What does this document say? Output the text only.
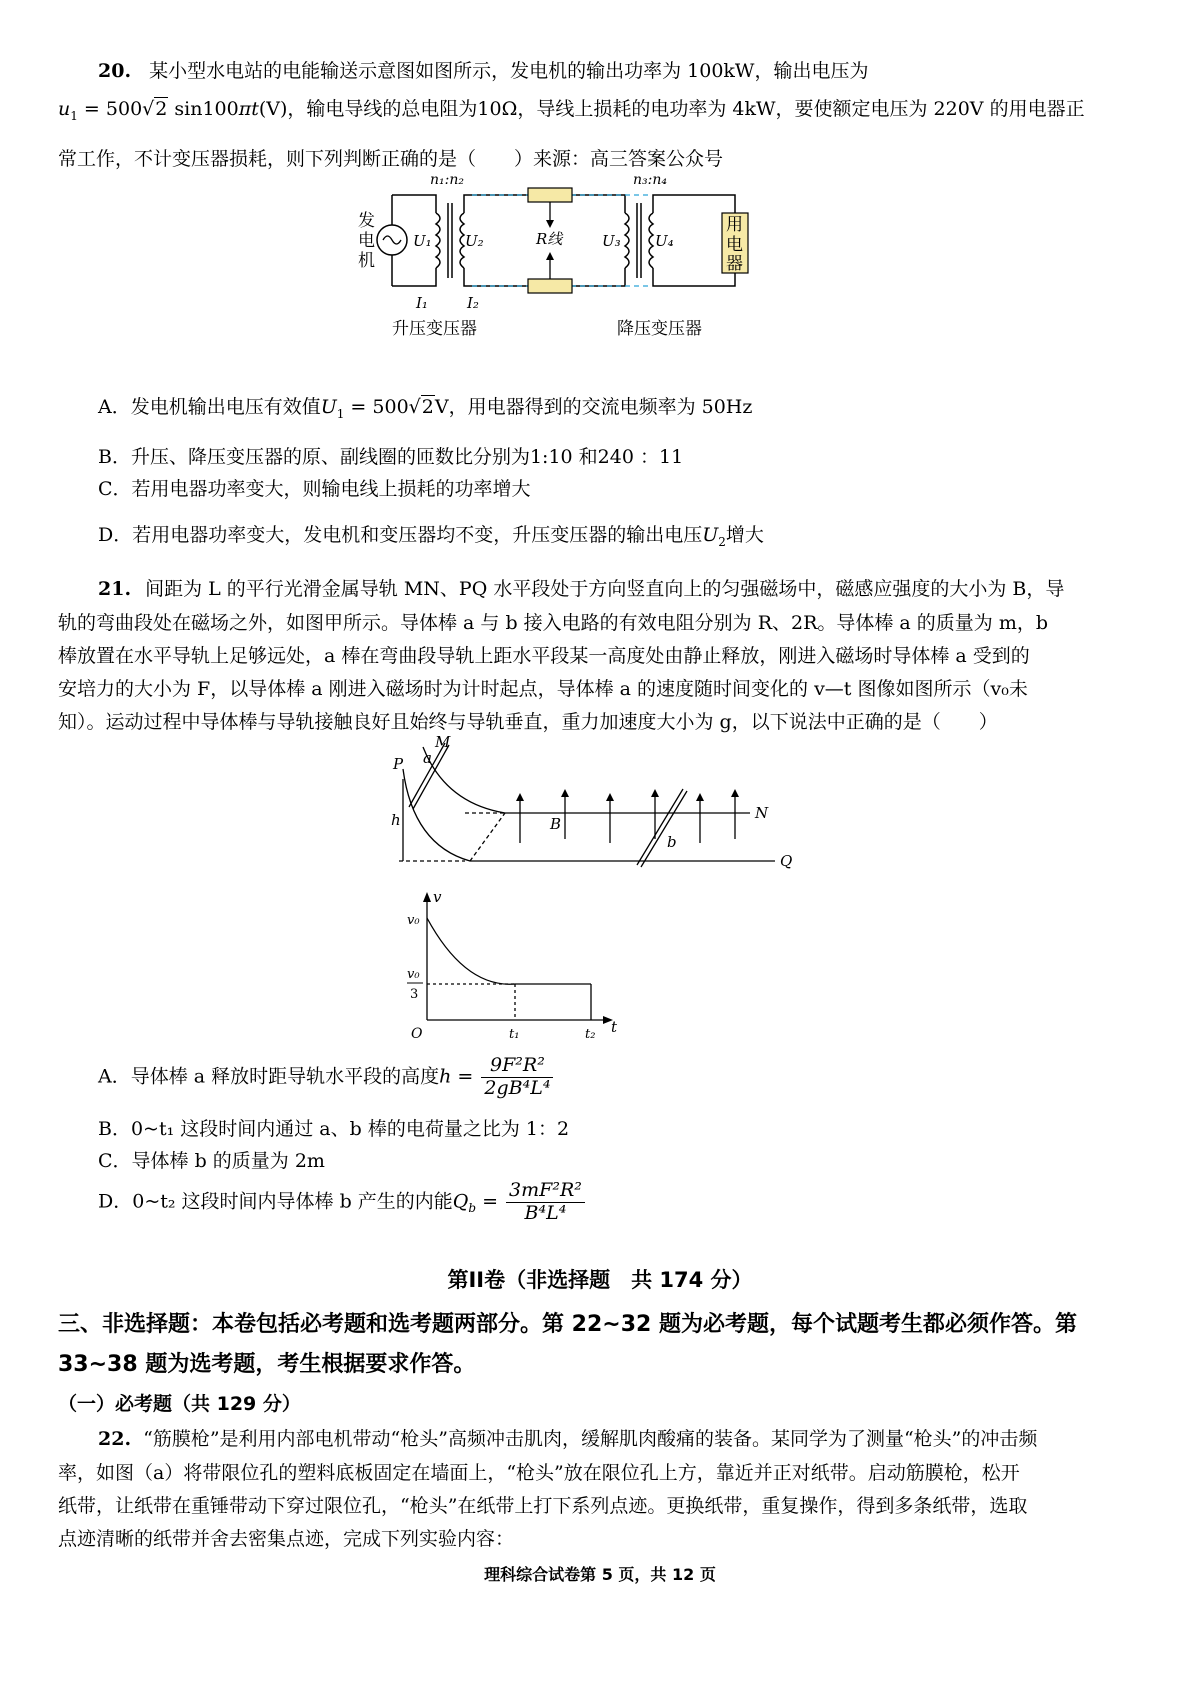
20. 某小型水电站的电能输送示意图如图所示，发电机的输出功率为 100kW，输出电压为
$u_1 = 500√2$ sin100πt(V)，输电导线的总电阻为10Ω，导线上损耗的电功率为 4kW，要使额定电压为 220V 的用电器正
常工作，不计变压器损耗，则下列判断正确的是（　　）来源：高三答案公众号
n₁:n₂	n₃:n₄
发
电
机
U₁ U₂	R线	U₃ U₄
用
电
器
I₁	I₂
升压变压器	降压变压器
A．发电机输出电压有效值$U_1 = 500√2V$，用电器得到的交流电频率为 50Hz
B．升压、降压变压器的原、副线圈的匝数比分别为1:10 和240 ：11
C．若用电器功率变大，则输电线上损耗的功率增大
D．若用电器功率变大，发电机和变压器均不变，升压变压器的输出电压$U_2$增大
21. 间距为 L 的平行光滑金属导轨 MN、PQ 水平段处于方向竖直向上的匀强磁场中，磁感应强度的大小为 B，导
轨的弯曲段处在磁场之外，如图甲所示。导体棒 a 与 b 接入电路的有效电阻分别为 R、2R。导体棒 a 的质量为 m，b
棒放置在水平导轨上足够远处，a 棒在弯曲段导轨上距水平段某一高度处由静止释放，刚进入磁场时导体棒 a 受到的
安培力的大小为 F，以导体棒 a 刚进入磁场时为计时起点，导体棒 a 的速度随时间变化的 v—t 图像如图所示（v₀未
知）。运动过程中导体棒与导轨接触良好且始终与导轨垂直，重力加速度大小为 g，以下说法中正确的是（　　）
M
P
N
Q
a
b
B
h
v
t
O
v₀
v₀
3
t₁	t₂
A．导体棒 a 释放时距导轨水平段的高度$h = \frac{\text{9F²R²}}{\text{2gB⁴L⁴}}$
B．0~t₁ 这段时间内通过 a、b 棒的电荷量之比为 1：2
C．导体棒 b 的质量为 2m
D．0~t₂ 这段时间内导体棒 b 产生的内能$Q_b = \frac{\text{3mF²R²}}{\text{B⁴L⁴}}$
第II卷（非选择题　共 174 分）
三、非选择题：本卷包括必考题和选考题两部分。第 22~32 题为必考题，每个试题考生都必须作答。第
33~38 题为选考题，考生根据要求作答。
（一）必考题（共 129 分）
22. “筋膜枪”是利用内部电机带动“枪头”高频冲击肌肉，缓解肌肉酸痛的装备。某同学为了测量“枪头”的冲击频
率，如图（a）将带限位孔的塑料底板固定在墙面上，“枪头”放在限位孔上方，靠近并正对纸带。启动筋膜枪，松开
纸带，让纸带在重锤带动下穿过限位孔，“枪头”在纸带上打下系列点迹。更换纸带，重复操作，得到多条纸带，选取
点迹清晰的纸带并舍去密集点迹，完成下列实验内容：
理科综合试卷第 5 页，共 12 页
